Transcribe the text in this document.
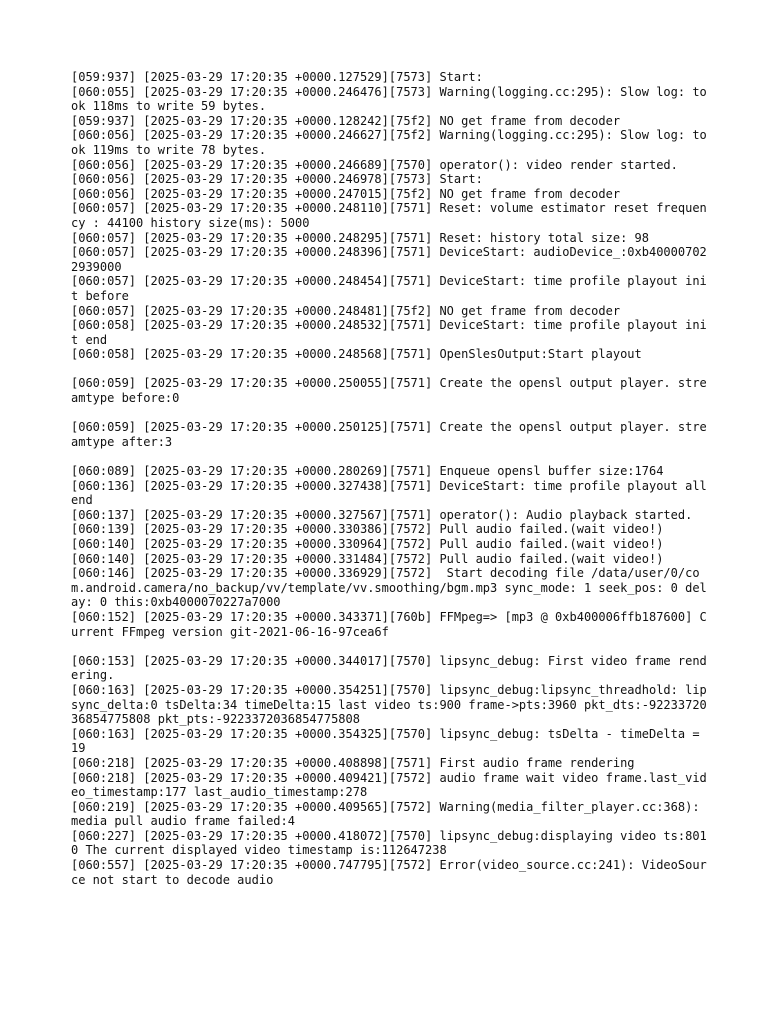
[059:937] [2025-03-29 17:20:35 +0000.127529][7573] Start:
[060:055] [2025-03-29 17:20:35 +0000.246476][7573] Warning(logging.cc:295): Slow log: took 118ms to write 59 bytes.
[059:937] [2025-03-29 17:20:35 +0000.128242][75f2] NO get frame from decoder
[060:056] [2025-03-29 17:20:35 +0000.246627][75f2] Warning(logging.cc:295): Slow log: took 119ms to write 78 bytes.
[060:056] [2025-03-29 17:20:35 +0000.246689][7570] operator(): video render started.
[060:056] [2025-03-29 17:20:35 +0000.246978][7573] Start:
[060:056] [2025-03-29 17:20:35 +0000.247015][75f2] NO get frame from decoder
[060:057] [2025-03-29 17:20:35 +0000.248110][7571] Reset: volume estimator reset frequency : 44100 history size(ms): 5000
[060:057] [2025-03-29 17:20:35 +0000.248295][7571] Reset: history total size: 98
[060:057] [2025-03-29 17:20:35 +0000.248396][7571] DeviceStart: audioDevice_:0xb400007022939000
[060:057] [2025-03-29 17:20:35 +0000.248454][7571] DeviceStart: time profile playout init before
[060:057] [2025-03-29 17:20:35 +0000.248481][75f2] NO get frame from decoder
[060:058] [2025-03-29 17:20:35 +0000.248532][7571] DeviceStart: time profile playout init end
[060:058] [2025-03-29 17:20:35 +0000.248568][7571] OpenSlesOutput:Start playout
[060:059] [2025-03-29 17:20:35 +0000.250055][7571] Create the opensl output player. streamtype before:0
[060:059] [2025-03-29 17:20:35 +0000.250125][7571] Create the opensl output player. streamtype after:3
[060:089] [2025-03-29 17:20:35 +0000.280269][7571] Enqueue opensl buffer size:1764
[060:136] [2025-03-29 17:20:35 +0000.327438][7571] DeviceStart: time profile playout all end
[060:137] [2025-03-29 17:20:35 +0000.327567][7571] operator(): Audio playback started.
[060:139] [2025-03-29 17:20:35 +0000.330386][7572] Pull audio failed.(wait video!)
[060:140] [2025-03-29 17:20:35 +0000.330964][7572] Pull audio failed.(wait video!)
[060:140] [2025-03-29 17:20:35 +0000.331484][7572] Pull audio failed.(wait video!)
[060:146] [2025-03-29 17:20:35 +0000.336929][7572]  Start decoding file /data/user/0/com.android.camera/no_backup/vv/template/vv.smoothing/bgm.mp3 sync_mode: 1 seek_pos: 0 delay: 0 this:0xb4000070227a7000
[060:152] [2025-03-29 17:20:35 +0000.343371][760b] FFMpeg=> [mp3 @ 0xb400006ffb187600] Current FFmpeg version git-2021-06-16-97cea6f
[060:153] [2025-03-29 17:20:35 +0000.344017][7570] lipsync_debug: First video frame rendering.
[060:163] [2025-03-29 17:20:35 +0000.354251][7570] lipsync_debug:lipsync_threadhold: lipsync_delta:0 tsDelta:34 timeDelta:15 last video ts:900 frame->pts:3960 pkt_dts:-9223372036854775808 pkt_pts:-9223372036854775808
[060:163] [2025-03-29 17:20:35 +0000.354325][7570] lipsync_debug: tsDelta - timeDelta = 19
[060:218] [2025-03-29 17:20:35 +0000.408898][7571] First audio frame rendering
[060:218] [2025-03-29 17:20:35 +0000.409421][7572] audio frame wait video frame.last_video_timestamp:177 last_audio_timestamp:278
[060:219] [2025-03-29 17:20:35 +0000.409565][7572] Warning(media_filter_player.cc:368): media pull audio frame failed:4
[060:227] [2025-03-29 17:20:35 +0000.418072][7570] lipsync_debug:displaying video ts:8010 The current displayed video timestamp is:112647238
[060:557] [2025-03-29 17:20:35 +0000.747795][7572] Error(video_source.cc:241): VideoSource not start to decode audio
